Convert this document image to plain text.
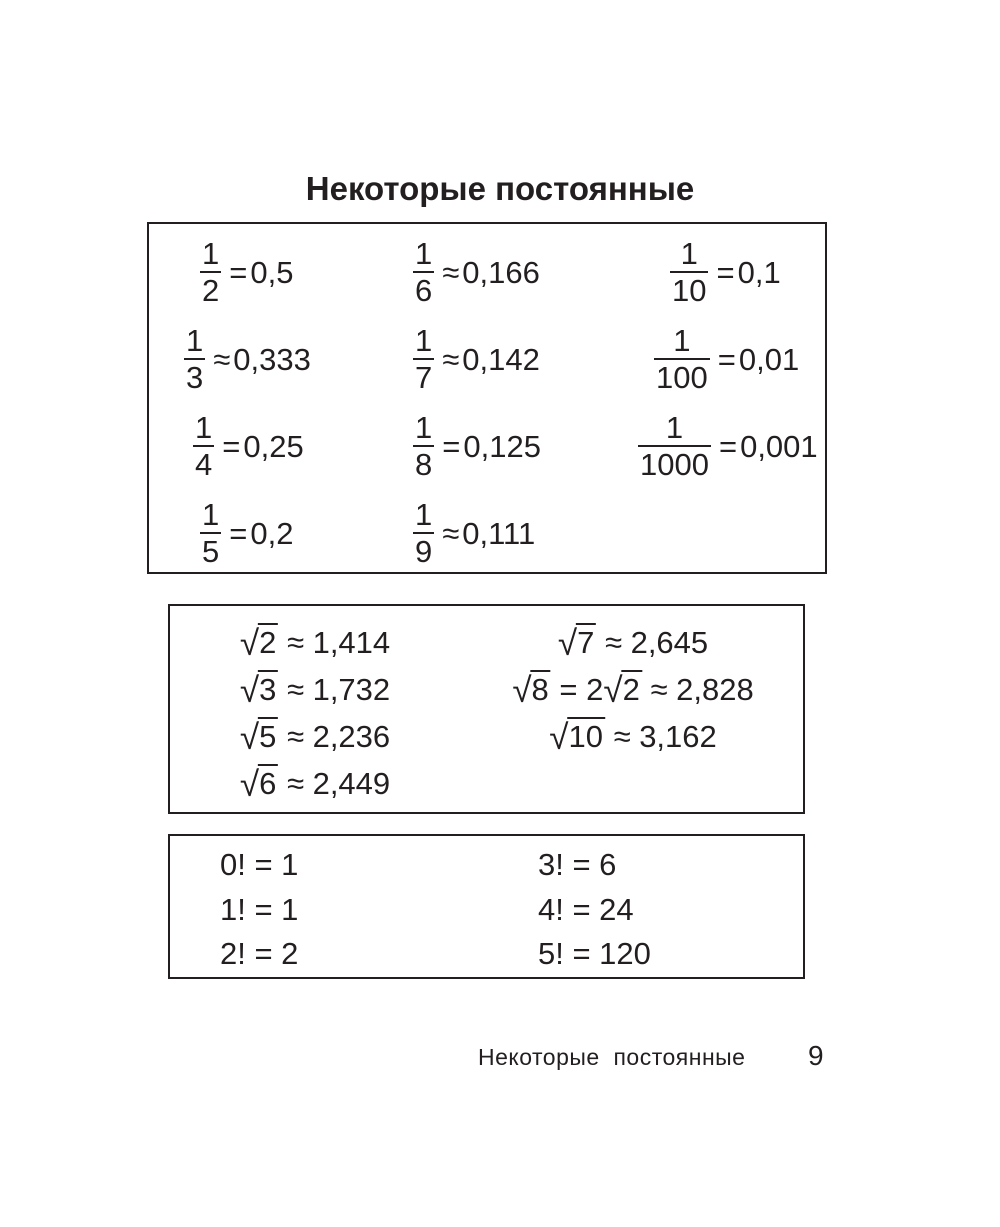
Некоторые постоянные
$\frac{1}{2} = 0,5$
$\frac{1}{3} \approx 0,333$
$\frac{1}{4} = 0,25$
$\frac{1}{5} = 0,2$
$\frac{1}{6} \approx 0,166$
$\frac{1}{7} \approx 0,142$
$\frac{1}{8} = 0,125$
$\frac{1}{9} \approx 0,111$
$\frac{1}{10} = 0,1$
$\frac{1}{100} = 0,01$
$\frac{1}{1000} = 0,001$
√2 ≈ 1,414
√3 ≈ 1,732
√5 ≈ 2,236
√6 ≈ 2,449
√7 ≈ 2,645
√8 = 2√2 ≈ 2,828
√10 ≈ 3,162
0! = 1
1! = 1
2! = 2
3! = 6
4! = 24
5! = 120
Некоторые  постоянные 9
